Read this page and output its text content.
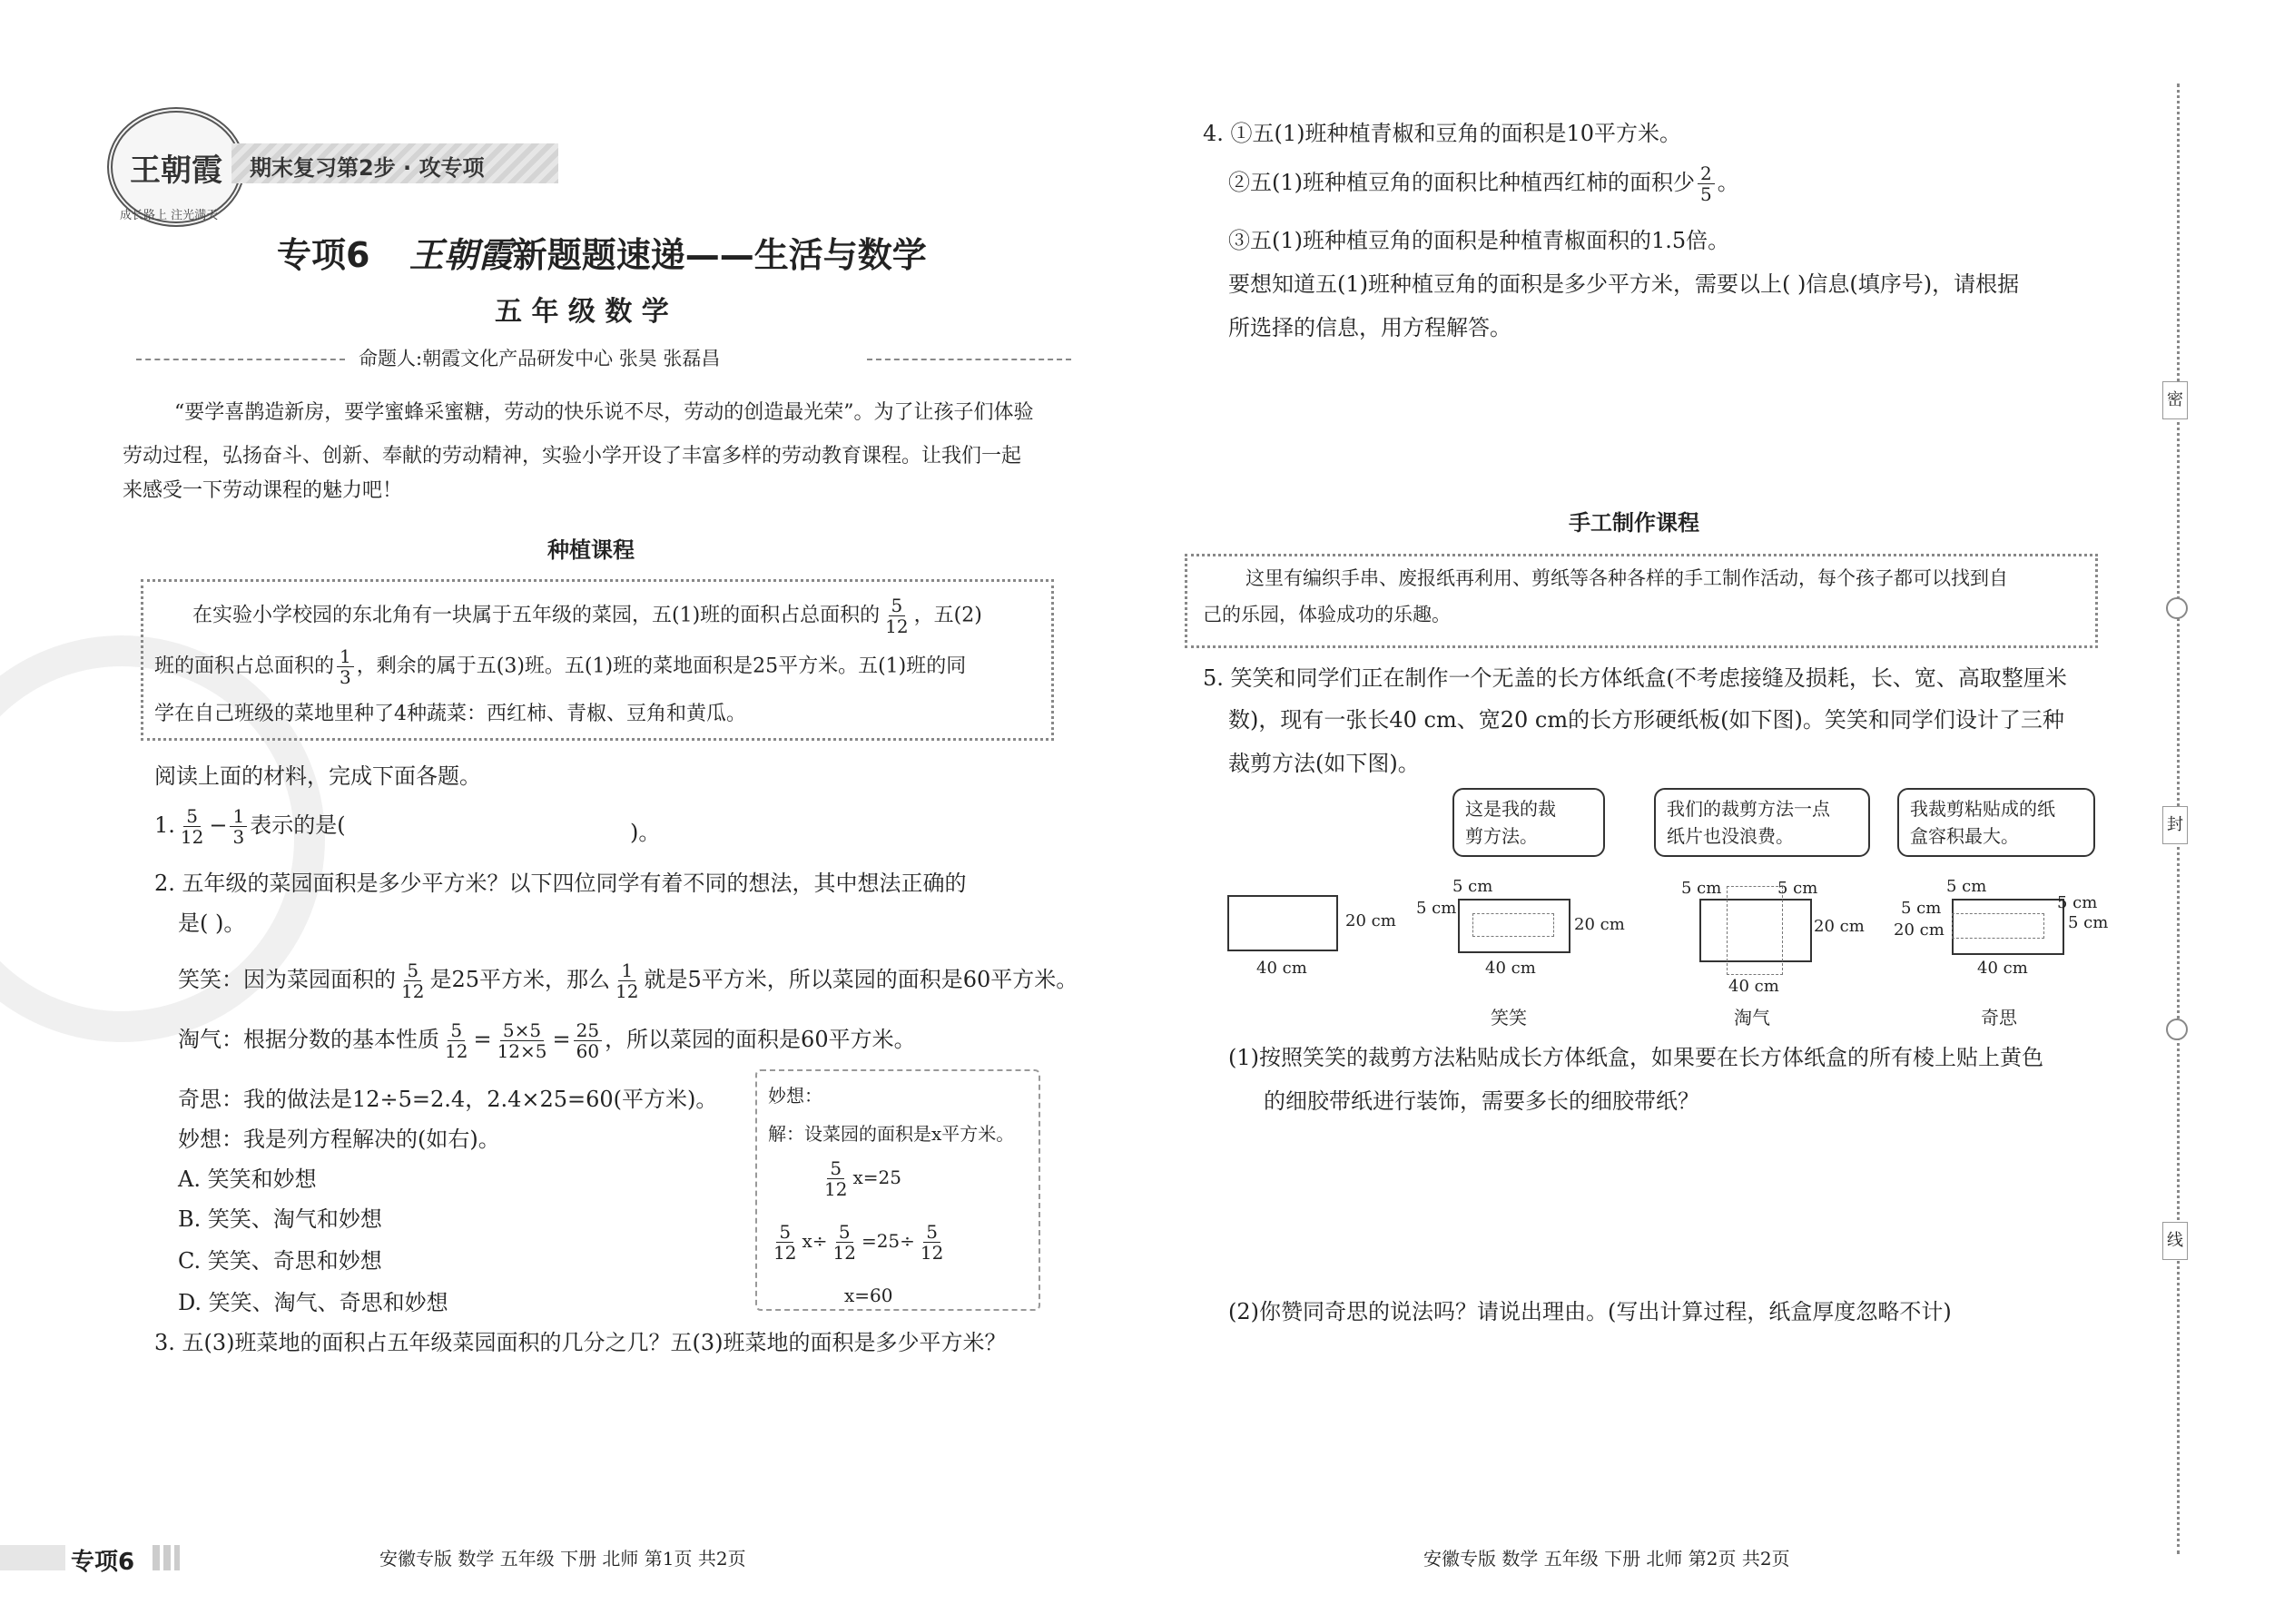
王朝霞
成长路上 注光满天
期末复习第2步 · 攻专项
专项6 王朝霞新题题速递——生活与数学
五 年 级 数 学
命题人:朝霞文化产品研发中心 张昊 张磊昌
“要学喜鹊造新房，要学蜜蜂采蜜糖，劳动的快乐说不尽，劳动的创造最光荣”。为了让孩子们体验
劳动过程，弘扬奋斗、创新、奉献的劳动精神，实验小学开设了丰富多样的劳动教育课程。让我们一起
来感受一下劳动课程的魅力吧！
种植课程
在实验小学校园的东北角有一块属于五年级的菜园，五(1)班的面积占总面积的 $\frac{5}{12}$ ，五(2)
班的面积占总面积的 $\frac{1}{3}$ ，剩余的属于五(3)班。五(1)班的菜地面积是25平方米。五(1)班的同
学在自己班级的菜地里种了4种蔬菜：西红柿、青椒、豆角和黄瓜。
阅读上面的材料，完成下面各题。
1. $\frac{5}{12} - \frac{1}{3}$ 表示的是(	)。
2. 五年级的菜园面积是多少平方米？以下四位同学有着不同的想法，其中想法正确的
是( )。
笑笑：因为菜园面积的 $\frac{5}{12}$ 是25平方米，那么 $\frac{1}{12}$ 就是5平方米，所以菜园的面积是60平方米。
淘气：根据分数的基本性质 $\frac{5}{12} = \frac{5\times 5}{12\times 5} = \frac{25}{60}$ ，所以菜园的面积是60平方米。
奇思：我的做法是12÷5=2.4，2.4×25=60(平方米)。
妙想：我是列方程解决的(如右)。
A. 笑笑和妙想
B. 笑笑、淘气和妙想
C. 笑笑、奇思和妙想
D. 笑笑、淘气、奇思和妙想
妙想：
解：设菜园的面积是x平方米。
$\frac{5}{12} x=25$
$\frac{5}{12} x\div \frac{5}{12} =25\div \frac{5}{12}$
x=60
3. 五(3)班菜地的面积占五年级菜园面积的几分之几？五(3)班菜地的面积是多少平方米？
专项6	安徽专版 数学 五年级 下册 北师 第1页 共2页
4. ①五(1)班种植青椒和豆角的面积是10平方米。
②五(1)班种植豆角的面积比种植西红柿的面积少 $\frac{2}{5}$ 。
③五(1)班种植豆角的面积是种植青椒面积的1.5倍。
要想知道五(1)班种植豆角的面积是多少平方米，需要以上( )信息(填序号)，请根据
所选择的信息，用方程解答。
手工制作课程
这里有编织手串、废报纸再利用、剪纸等各种各样的手工制作活动，每个孩子都可以找到自
己的乐园，体验成功的乐趣。
5. 笑笑和同学们正在制作一个无盖的长方体纸盒(不考虑接缝及损耗，长、宽、高取整厘米
数)，现有一张长40 cm、宽20 cm的长方形硬纸板(如下图)。笑笑和同学们设计了三种
裁剪方法(如下图)。
这是我的裁
剪方法。
我们的裁剪方法一点
纸片也没浪费。
我裁剪粘贴成的纸
盒容积最大。
20 cm
40 cm
5 cm
5 cm
20 cm
40 cm
笑笑
5 cm	5 cm
20 cm
40 cm
淘气
5 cm
5 cm
20 cm
5 cm
5 cm
40 cm
奇思
(1)按照笑笑的裁剪方法粘贴成长方体纸盒，如果要在长方体纸盒的所有棱上贴上黄色
的细胶带纸进行装饰，需要多长的细胶带纸？
(2)你赞同奇思的说法吗？请说出理由。(写出计算过程，纸盒厚度忽略不计)
密
封
线
安徽专版 数学 五年级 下册 北师 第2页 共2页
